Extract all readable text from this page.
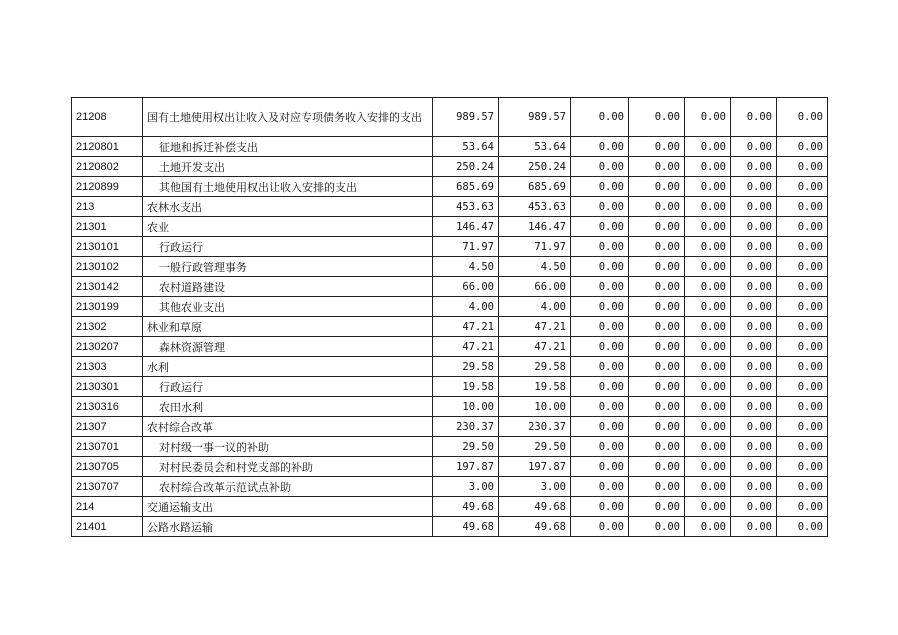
21208	国有土地使用权出让收入及对应专项债务收入安排的支出	989.57	989.57	0.00	0.00	0.00	0.00	0.00
2120801	征地和拆迁补偿支出	53.64	53.64	0.00	0.00	0.00	0.00	0.00
2120802	土地开发支出	250.24	250.24	0.00	0.00	0.00	0.00	0.00
2120899	其他国有土地使用权出让收入安排的支出	685.69	685.69	0.00	0.00	0.00	0.00	0.00
213	农林水支出	453.63	453.63	0.00	0.00	0.00	0.00	0.00
21301	农业	146.47	146.47	0.00	0.00	0.00	0.00	0.00
2130101	行政运行	71.97	71.97	0.00	0.00	0.00	0.00	0.00
2130102	一般行政管理事务	4.50	4.50	0.00	0.00	0.00	0.00	0.00
2130142	农村道路建设	66.00	66.00	0.00	0.00	0.00	0.00	0.00
2130199	其他农业支出	4.00	4.00	0.00	0.00	0.00	0.00	0.00
21302	林业和草原	47.21	47.21	0.00	0.00	0.00	0.00	0.00
2130207	森林资源管理	47.21	47.21	0.00	0.00	0.00	0.00	0.00
21303	水利	29.58	29.58	0.00	0.00	0.00	0.00	0.00
2130301	行政运行	19.58	19.58	0.00	0.00	0.00	0.00	0.00
2130316	农田水利	10.00	10.00	0.00	0.00	0.00	0.00	0.00
21307	农村综合改革	230.37	230.37	0.00	0.00	0.00	0.00	0.00
2130701	对村级一事一议的补助	29.50	29.50	0.00	0.00	0.00	0.00	0.00
2130705	对村民委员会和村党支部的补助	197.87	197.87	0.00	0.00	0.00	0.00	0.00
2130707	农村综合改革示范试点补助	3.00	3.00	0.00	0.00	0.00	0.00	0.00
214	交通运输支出	49.68	49.68	0.00	0.00	0.00	0.00	0.00
21401	公路水路运输	49.68	49.68	0.00	0.00	0.00	0.00	0.00
